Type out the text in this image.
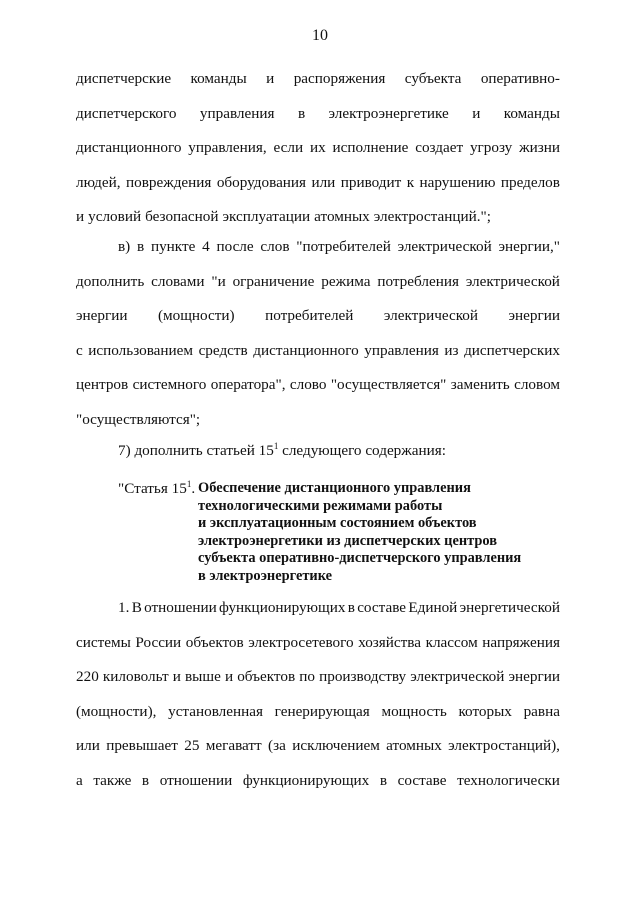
10
диспетчерские команды и распоряжения субъекта оперативно-
диспетчерского управления в электроэнергетике и команды
дистанционного управления, если их исполнение создает угрозу жизни
людей, повреждения оборудования или приводит к нарушению пределов
и условий безопасной эксплуатации атомных электростанций.";
в) в пункте 4 после слов "потребителей электрической энергии,"
дополнить словами "и ограничение режима потребления электрической
энергии (мощности) потребителей электрической энергии
с использованием средств дистанционного управления из диспетчерских
центров системного оператора", слово "осуществляется" заменить словом
"осуществляются";
7) дополнить статьей $15^1$ следующего содержания:
"Статья $15^1$. Обеспечение дистанционного управления
технологическими режимами работы
и эксплуатационным состоянием объектов
электроэнергетики из диспетчерских центров
субъекта оперативно-диспетчерского управления
в электроэнергетике
1. В отношении функционирующих в составе Единой энергетической
системы России объектов электросетевого хозяйства классом напряжения
220 киловольт и выше и объектов по производству электрической энергии
(мощности), установленная генерирующая мощность которых равна
или превышает 25 мегаватт (за исключением атомных электростанций),
а также в отношении функционирующих в составе технологически
